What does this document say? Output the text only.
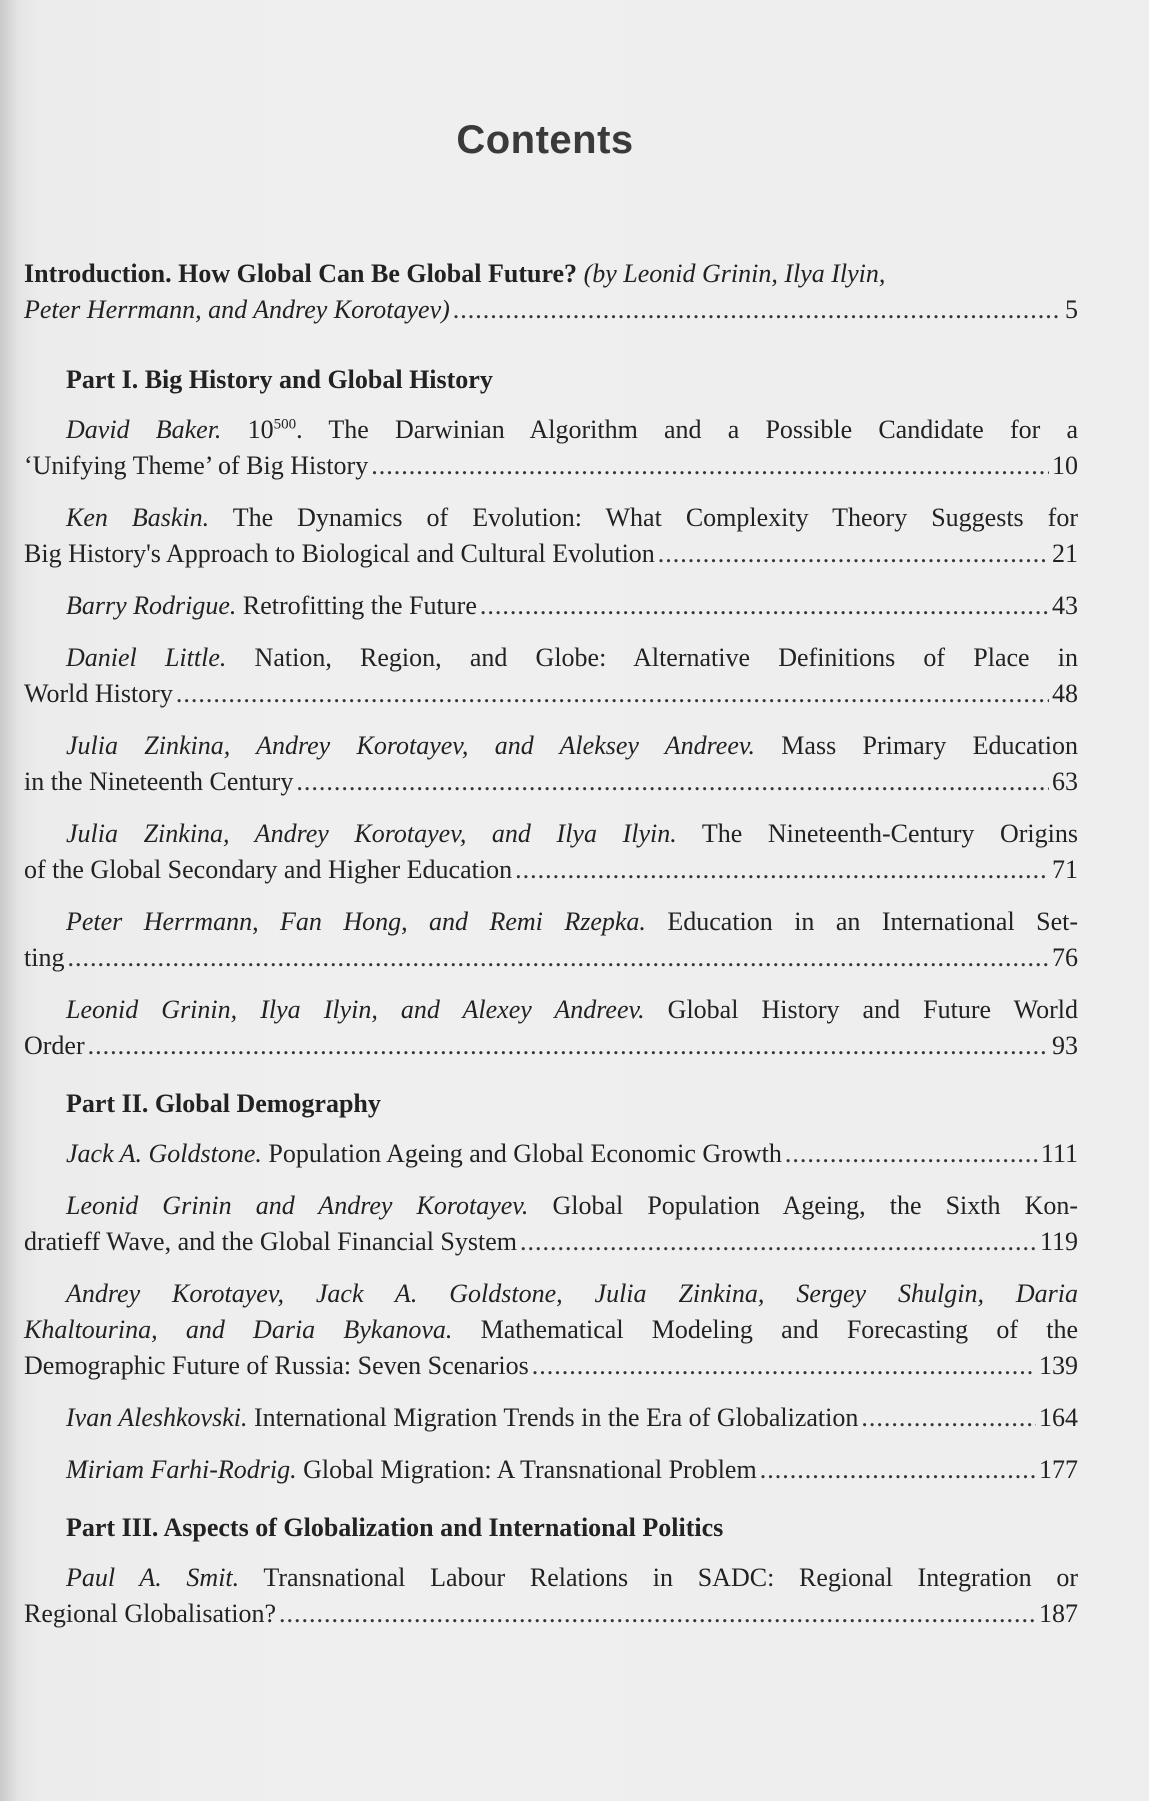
Contents
Introduction. How Global Can Be Global Future? (by Leonid Grinin, Ilya Ilyin,
Peter Herrmann, and Andrey Korotayev) .....	5
Part I. Big History and Global History
David Baker. $10^{500}$. The Darwinian Algorithm and a Possible Candidate for a
‘Unifying Theme’ of Big History .....	10
Ken Baskin. The Dynamics of Evolution: What Complexity Theory Suggests for
Big History's Approach to Biological and Cultural Evolution .....	21
Barry Rodrigue. Retrofitting the Future .....	43
Daniel Little. Nation, Region, and Globe: Alternative Definitions of Place in
World History .....	48
Julia Zinkina, Andrey Korotayev, and Aleksey Andreev. Mass Primary Education
in the Nineteenth Century .....	63
Julia Zinkina, Andrey Korotayev, and Ilya Ilyin. The Nineteenth-Century Origins
of the Global Secondary and Higher Education .....	71
Peter Herrmann, Fan Hong, and Remi Rzepka. Education in an International Set-
ting .....	76
Leonid Grinin, Ilya Ilyin, and Alexey Andreev. Global History and Future World
Order .....	93
Part II. Global Demography
Jack A. Goldstone. Population Ageing and Global Economic Growth .....	111
Leonid Grinin and Andrey Korotayev. Global Population Ageing, the Sixth Kon-
dratieff Wave, and the Global Financial System .....	119
Andrey Korotayev, Jack A. Goldstone, Julia Zinkina, Sergey Shulgin, Daria
Khaltourina, and Daria Bykanova. Mathematical Modeling and Forecasting of the
Demographic Future of Russia: Seven Scenarios .....	139
Ivan Aleshkovski. International Migration Trends in the Era of Globalization .....	164
Miriam Farhi-Rodrig. Global Migration: A Transnational Problem .....	177
Part III. Aspects of Globalization and International Politics
Paul A. Smit. Transnational Labour Relations in SADC: Regional Integration or
Regional Globalisation? .....	187
